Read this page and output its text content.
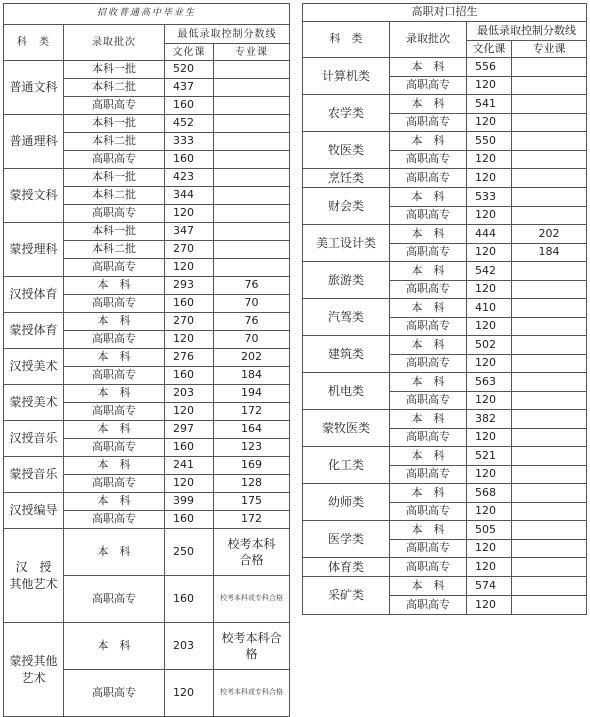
招收普通高中毕业生			
科　类	录取批次	最低录取控制分数线	
		文化课	专业课
普通文科	本科一批	520	
	本科二批	437	
	高职高专	160	
普通理科	本科一批	452	
	本科二批	333	
	高职高专	160	
蒙授文科	本科一批	423	
	本科二批	344	
	高职高专	120	
蒙授理科	本科一批	347	
	本科二批	270	
	高职高专	120	
汉授体育	本　科	293	76
	高职高专	160	70
蒙授体育	本　科	270	76
	高职高专	120	70
汉授美术	本　科	276	202
	高职高专	160	184
蒙授美术	本　科	203	194
	高职高专	120	172
汉授音乐	本　科	297	164
	高职高专	160	123
蒙授音乐	本　科	241	169
	高职高专	120	128
汉授编导	本　科	399	175
	高职高专	160	172
汉　授
其他艺术	本　科	250	校考本科
合格
	高职高专	160	校考本科或专科合格
蒙授其他
艺术	本　科	203	校考本科合
格
	高职高专	120	校考本科或专科合格
高职对口招生			
科　类	录取批次	最低录取控制分数线	
		文化课	专业课
计算机类	本　科	556	
	高职高专	120	
农学类	本　科	541	
	高职高专	120	
牧医类	本　科	550	
	高职高专	120	
烹饪类	高职高专	120	
财会类	本　科	533	
	高职高专	120	
美工设计类	本　科	444	202
	高职高专	120	184
旅游类	本　科	542	
	高职高专	120	
汽驾类	本　科	410	
	高职高专	120	
建筑类	本　科	502	
	高职高专	120	
机电类	本　科	563	
	高职高专	120	
蒙牧医类	本　科	382	
	高职高专	120	
化工类	本　科	521	
	高职高专	120	
幼师类	本　科	568	
	高职高专	120	
医学类	本　科	505	
	高职高专	120	
体育类	高职高专	120	
采矿类	本　科	574	
	高职高专	120	
